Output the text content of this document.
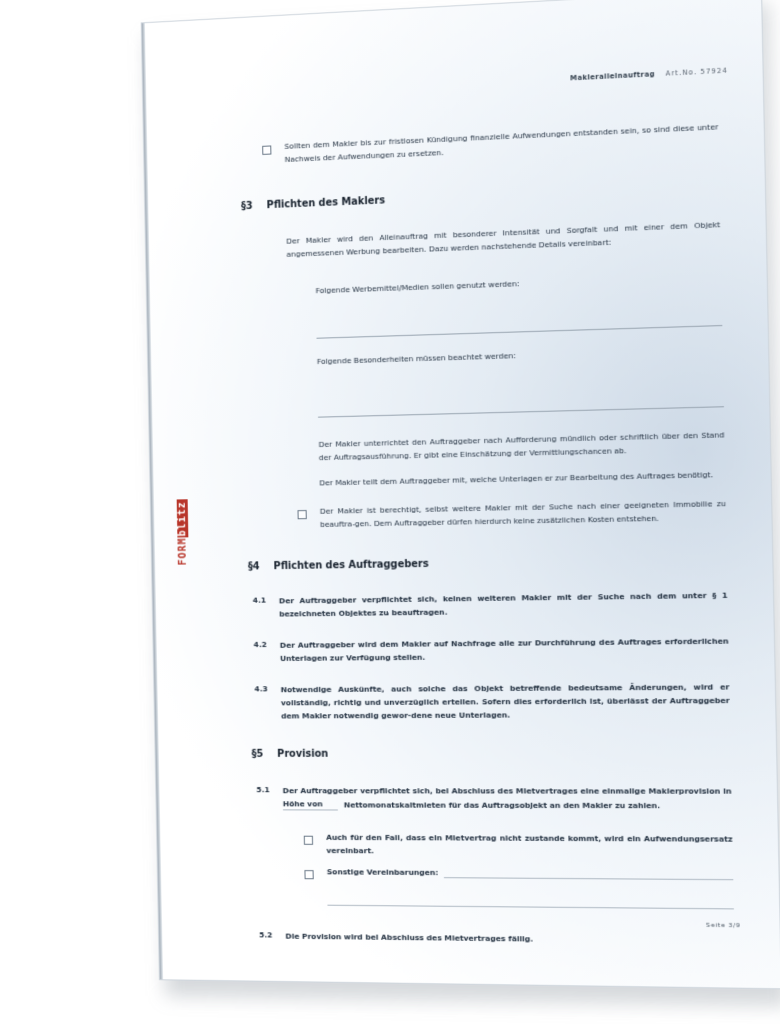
Makleralleinauftrag Art.No. 57924
FORMblitz
Sollten dem Makler bis zur fristlosen Kündigung finanzielle Aufwendungen entstanden sein, so sind diese unter Nachweis der Aufwendungen zu ersetzen.
§3 Pflichten des Maklers
Der Makler wird den Alleinauftrag mit besonderer Intensität und Sorgfalt und mit einer dem Objekt angemessenen Werbung bearbeiten. Dazu werden nachstehende Details vereinbart:
Folgende Werbemittel/Medien sollen genutzt werden:
Folgende Besonderheiten müssen beachtet werden:
Der Makler unterrichtet den Auftraggeber nach Aufforderung mündlich oder schriftlich über den Stand der Auftragsausführung. Er gibt eine Einschätzung der Vermittlungschancen ab.
Der Makler teilt dem Auftraggeber mit, welche Unterlagen er zur Bearbeitung des Auftrages benötigt.
Der Makler ist berechtigt, selbst weitere Makler mit der Suche nach einer geeigneten Immobilie zu beauftra-gen. Dem Auftraggeber dürfen hierdurch keine zusätzlichen Kosten entstehen.
§4 Pflichten des Auftraggebers
4.1 Der Auftraggeber verpflichtet sich, keinen weiteren Makler mit der Suche nach dem unter § 1 bezeichneten Objektes zu beauftragen.
4.2 Der Auftraggeber wird dem Makler auf Nachfrage alle zur Durchführung des Auftrages erforderlichen Unterlagen zur Verfügung stellen.
4.3 Notwendige Auskünfte, auch solche das Objekt betreffende bedeutsame Änderungen, wird er vollständig, richtig und unverzüglich erteilen. Sofern dies erforderlich ist, überlässt der Auftraggeber dem Makler notwendig gewor-dene neue Unterlagen.
§5 Provision
5.1 Der Auftraggeber verpflichtet sich, bei Abschluss des Mietvertrages eine einmalige Maklerprovision in Höhe von	Nettomonatskaltmieten für das Auftragsobjekt an den Makler zu zahlen.
Auch für den Fall, dass ein Mietvertrag nicht zustande kommt, wird ein Aufwendungsersatz vereinbart.
Sonstige Vereinbarungen:
5.2 Die Provision wird bei Abschluss des Mietvertrages fällig.
Seite 3/9
